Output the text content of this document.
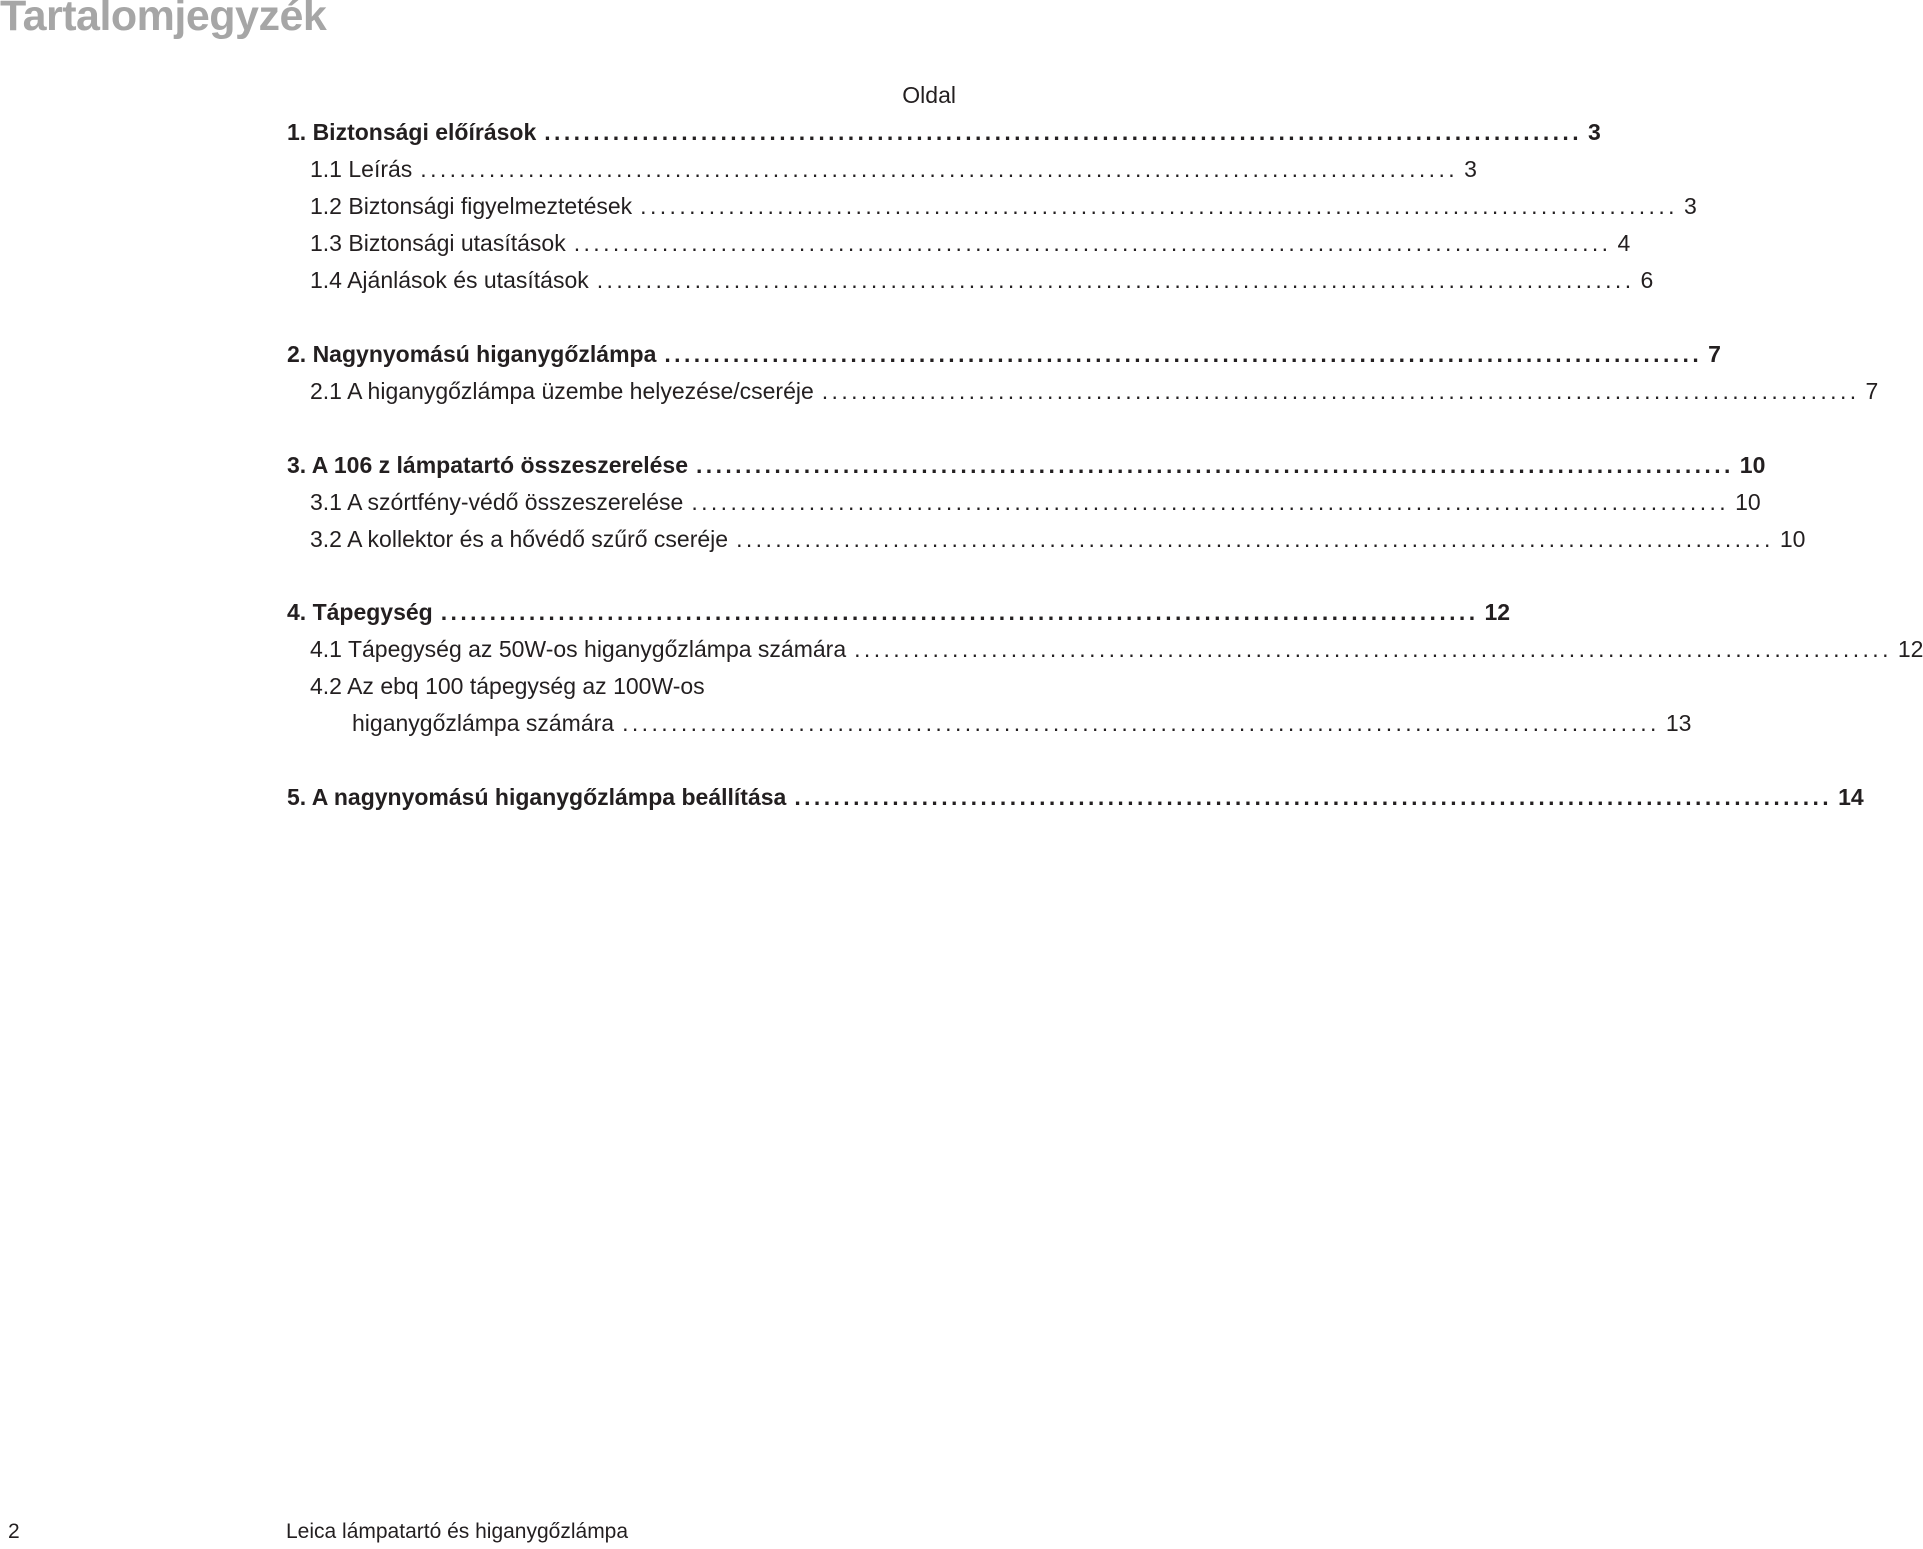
Tartalomjegyzék
Oldal
1. Biztonsági előírások .......................................................................................................... 3
1.1 Leírás .......................................................................................................... 3
1.2 Biztonsági figyelmeztetések .......................................................................................................... 3
1.3 Biztonsági utasítások .......................................................................................................... 4
1.4 Ajánlások és utasítások .......................................................................................................... 6
2. Nagynyomású higanygőzlámpa .......................................................................................................... 7
2.1 A higanygőzlámpa üzembe helyezése/cseréje .......................................................................................................... 7
3. A 106 z lámpatartó összeszerelése .......................................................................................................... 10
3.1 A szórtfény-védő összeszerelése .......................................................................................................... 10
3.2 A kollektor és a hővédő szűrő cseréje .......................................................................................................... 10
4. Tápegység .......................................................................................................... 12
4.1 Tápegység az 50W-os higanygőzlámpa számára .......................................................................................................... 12
4.2 Az ebq 100 tápegység az 100W-os
higanygőzlámpa számára .......................................................................................................... 13
5. A nagynyomású higanygőzlámpa beállítása .......................................................................................................... 14
2	Leica lámpatartó és higanygőzlámpa
